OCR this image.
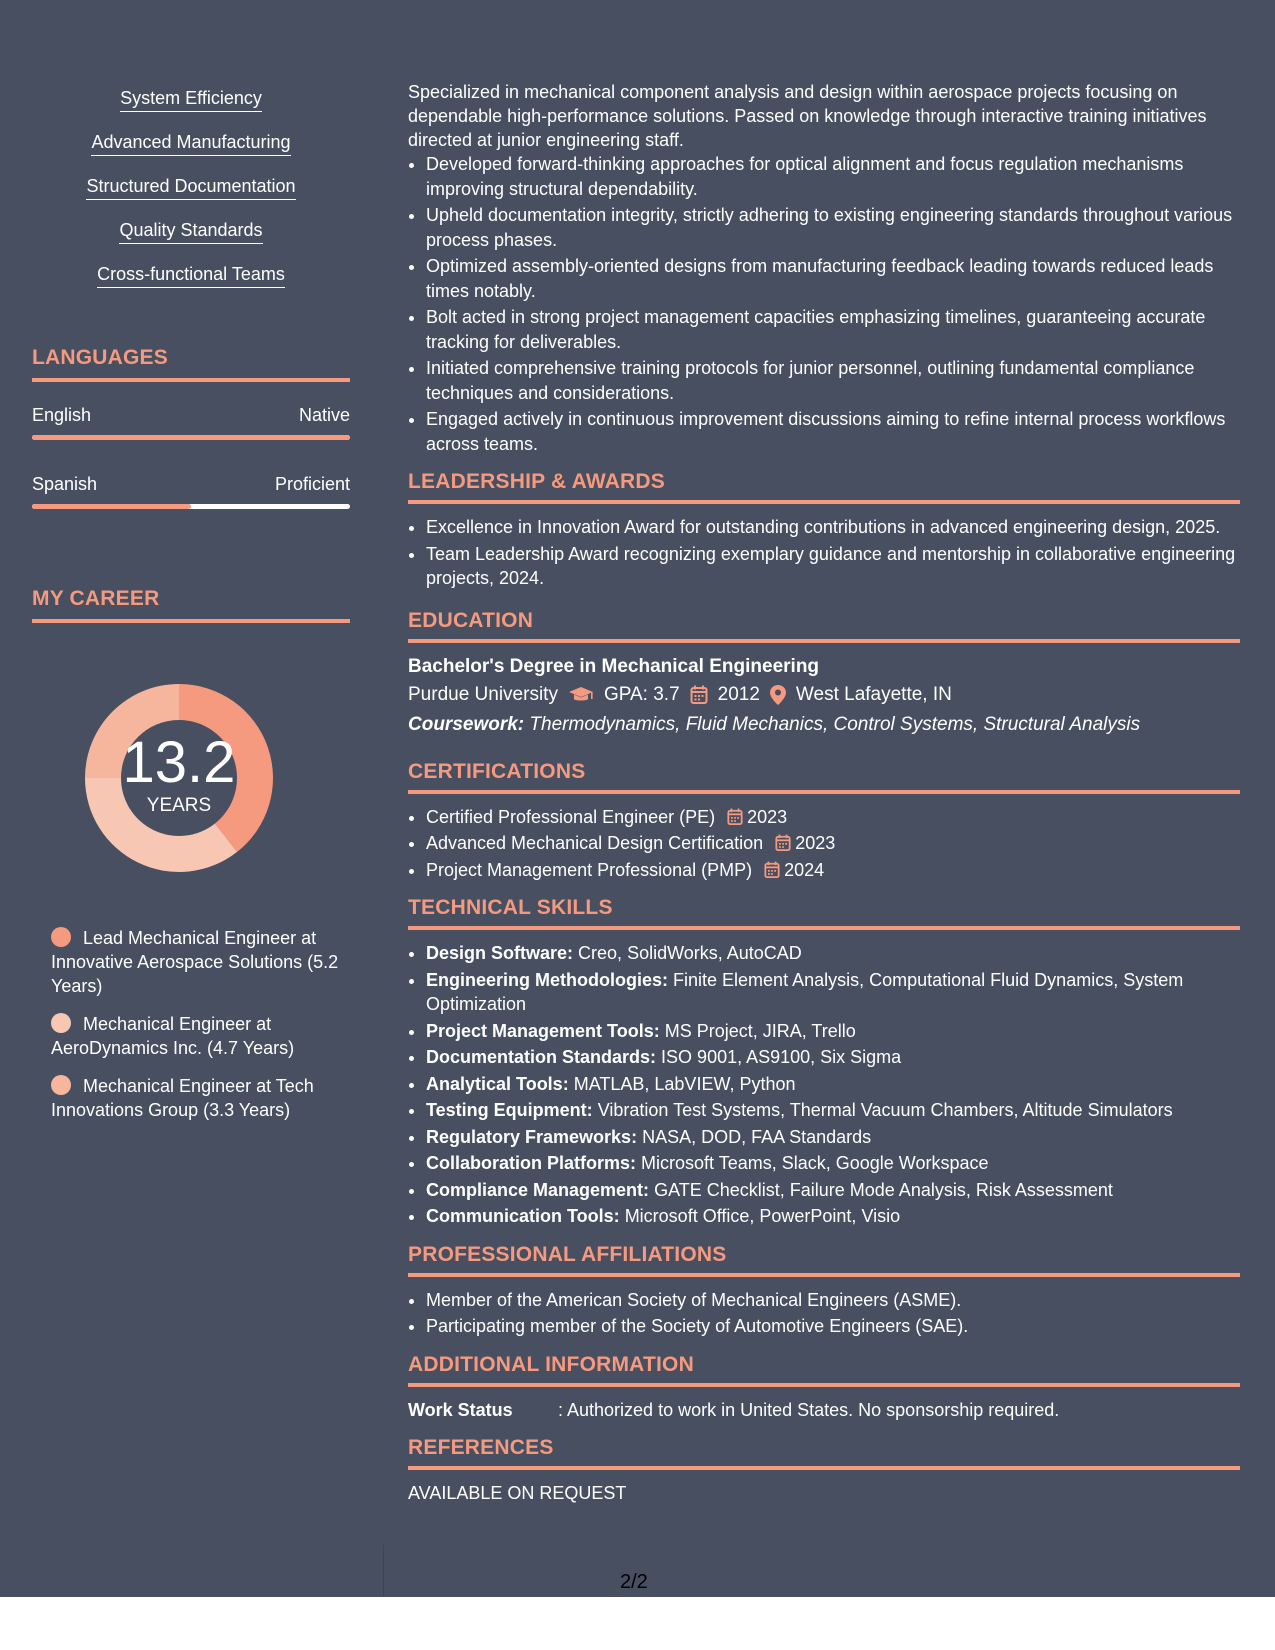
System Efficiency
Advanced Manufacturing
Structured Documentation
Quality Standards
Cross-functional Teams
LANGUAGES
English	Native
Spanish	Proficient
MY CAREER
13.2
YEARS
Lead Mechanical Engineer at Innovative Aerospace Solutions (5.2 Years)
Mechanical Engineer at AeroDynamics Inc. (4.7 Years)
Mechanical Engineer at Tech Innovations Group (3.3 Years)

Specialized in mechanical component analysis and design within aerospace projects focusing on dependable high-performance solutions. Passed on knowledge through interactive training initiatives directed at junior engineering staff.

• Developed forward-thinking approaches for optical alignment and focus regulation mechanisms improving structural dependability.
• Upheld documentation integrity, strictly adhering to existing engineering standards throughout various process phases.
• Optimized assembly-oriented designs from manufacturing feedback leading towards reduced leads times notably.
• Bolt acted in strong project management capacities emphasizing timelines, guaranteeing accurate tracking for deliverables.
• Initiated comprehensive training protocols for junior personnel, outlining fundamental compliance techniques and considerations.
• Engaged actively in continuous improvement discussions aiming to refine internal process workflows across teams.
LEADERSHIP & AWARDS
• Excellence in Innovation Award for outstanding contributions in advanced engineering design, 2025.
• Team Leadership Award recognizing exemplary guidance and mentorship in collaborative engineering projects, 2024.
EDUCATION
Bachelor's Degree in Mechanical Engineering
Purdue University GPA: 3.7 2012 West Lafayette, IN
Coursework: Thermodynamics, Fluid Mechanics, Control Systems, Structural Analysis
CERTIFICATIONS
• Certified Professional Engineer (PE) 2023
• Advanced Mechanical Design Certification 2023
• Project Management Professional (PMP) 2024
TECHNICAL SKILLS
• Design Software: Creo, SolidWorks, AutoCAD
• Engineering Methodologies: Finite Element Analysis, Computational Fluid Dynamics, System Optimization
• Project Management Tools: MS Project, JIRA, Trello
• Documentation Standards: ISO 9001, AS9100, Six Sigma
• Analytical Tools: MATLAB, LabVIEW, Python
• Testing Equipment: Vibration Test Systems, Thermal Vacuum Chambers, Altitude Simulators
• Regulatory Frameworks: NASA, DOD, FAA Standards
• Collaboration Platforms: Microsoft Teams, Slack, Google Workspace
• Compliance Management: GATE Checklist, Failure Mode Analysis, Risk Assessment
• Communication Tools: Microsoft Office, PowerPoint, Visio
PROFESSIONAL AFFILIATIONS
• Member of the American Society of Mechanical Engineers (ASME).
• Participating member of the Society of Automotive Engineers (SAE).
ADDITIONAL INFORMATION
Work Status	: Authorized to work in United States. No sponsorship required.
REFERENCES
AVAILABLE ON REQUEST
2/2
